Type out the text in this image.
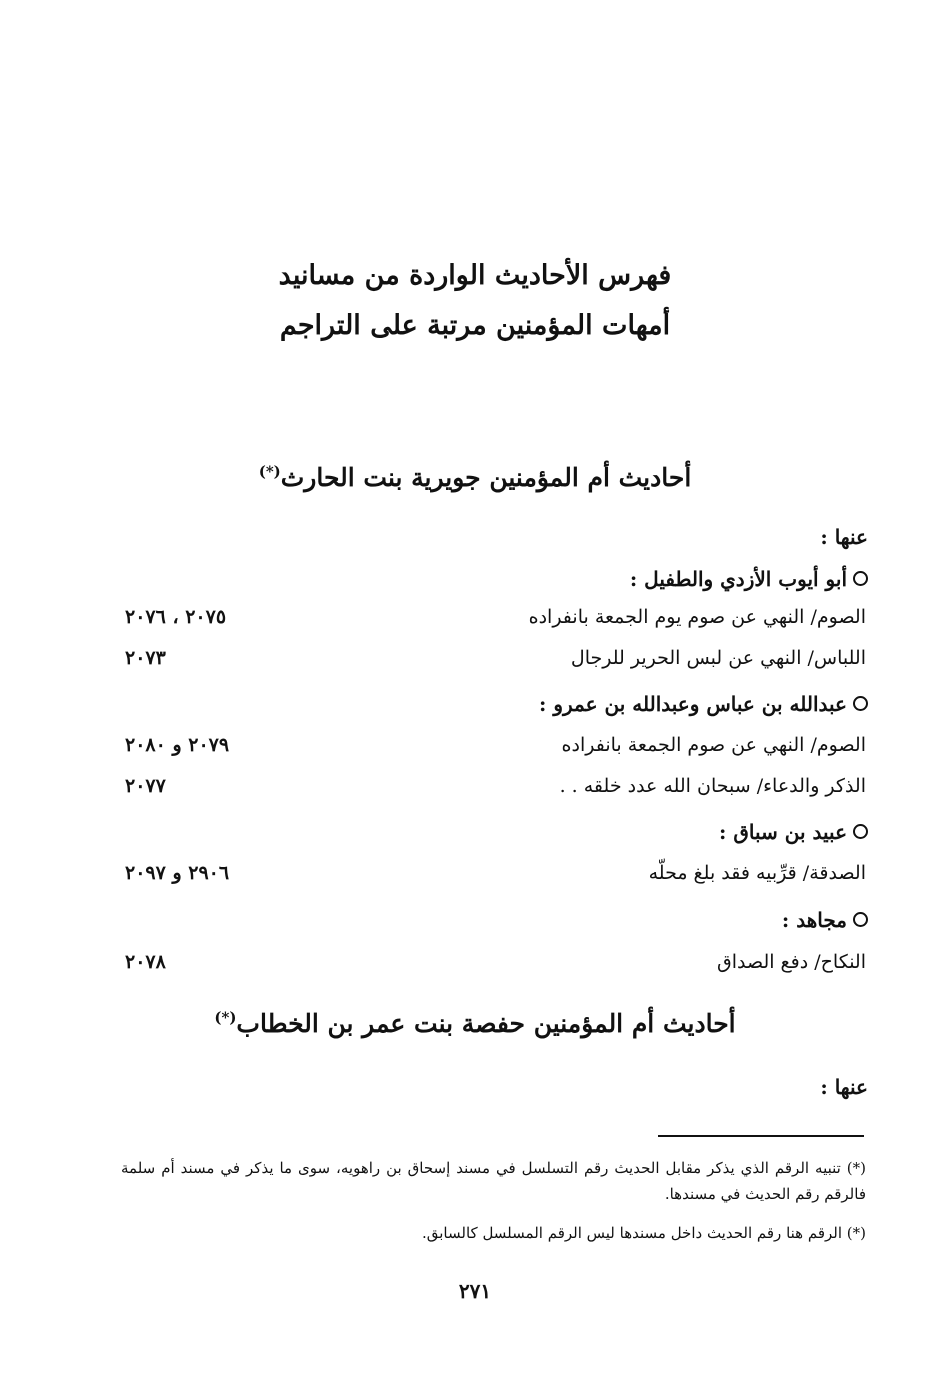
فهرس الأحاديث الواردة من مسانيد
أمهات المؤمنين مرتبة على التراجم
أحاديث أم المؤمنين جويرية بنت الحارث(*)
عنها :
أبو أيوب الأزدي والطفيل :
الصوم/ النهي عن صوم يوم الجمعة بانفراده
٢٠٧٥ ، ٢٠٧٦
اللباس/ النهي عن لبس الحرير للرجال
٢٠٧٣
عبدالله بن عباس وعبدالله بن عمرو :
الصوم/ النهي عن صوم الجمعة بانفراده
٢٠٧٩ و ٢٠٨٠
الذكر والدعاء/ سبحان الله عدد خلقه . .
٢٠٧٧
عبيد بن سباق :
الصدقة/ قرِّبيه فقد بلغ محلّه
٢٩٠٦ و ٢٠٩٧
مجاهد :
النكاح/ دفع الصداق
٢٠٧٨
أحاديث أم المؤمنين حفصة بنت عمر بن الخطاب(*)
عنها :
(*) تنبيه الرقم الذي يذكر مقابل الحديث رقم التسلسل في مسند إسحاق بن راهويه، سوى ما يذكر في مسند أم سلمة فالرقم رقم الحديث في مسندها.
(*) الرقم هنا رقم الحديث داخل مسندها ليس الرقم المسلسل كالسابق.
٢٧١
